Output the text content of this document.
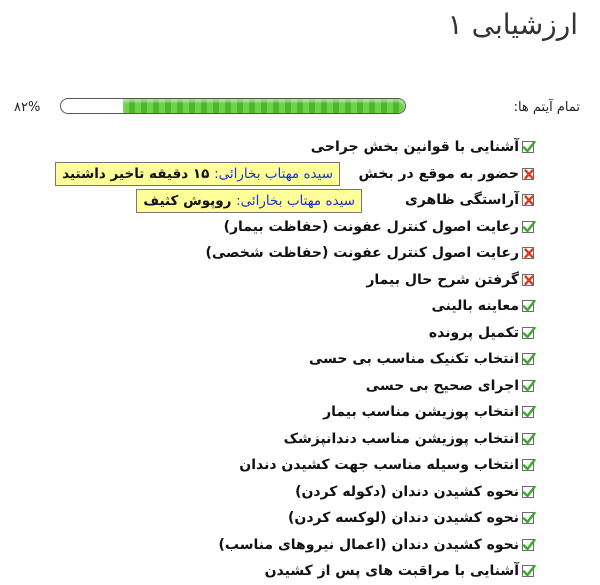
ارزشیابی ۱
تمام آیتم ها:
۸۲%
آشنایی با قوانین بخش جراحی
حضور به موقع در بخش
آراستگی ظاهری
رعایت اصول کنترل عفونت (حفاظت بیمار)
رعایت اصول کنترل عفونت (حفاظت شخصی)
گرفتن شرح حال بیمار
معاینه بالینی
تکمیل پرونده
انتخاب تکنیک مناسب بی حسی
اجرای صحیح بی حسی
انتخاب پوزیشن مناسب بیمار
انتخاب پوزیشن مناسب دندانپزشک
انتخاب وسیله مناسب جهت کشیدن دندان
نحوه کشیدن دندان (دکوله کردن)
نحوه کشیدن دندان (لوکسه کردن)
نحوه کشیدن دندان (اعمال نیروهای مناسب)
آشنایی با مراقبت های پس از کشیدن
سیده مهتاب بخارائی: ۱۵ دقیقه تاخیر داشتید
سیده مهتاب بخارائی: روپوش کثیف
